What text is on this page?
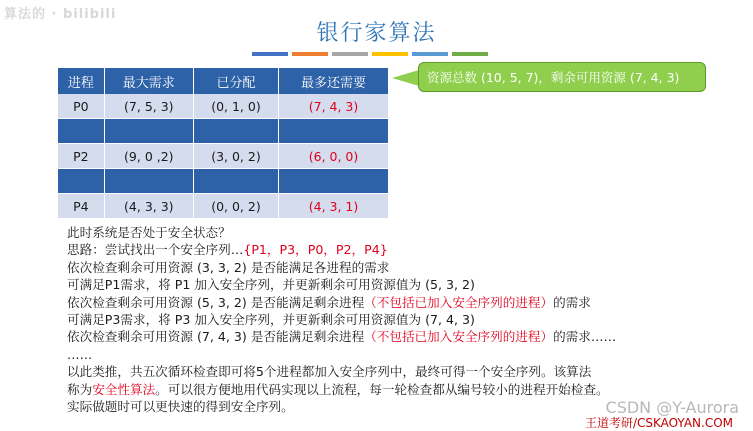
算法的 · bilibili
银行家算法
进程	最大需求	已分配	最多还需要
P0	(7, 5, 3)	(0, 1, 0)	(7, 4, 3)

P2	(9, 0 ,2)	(3, 0, 2)	(6, 0, 0)

P4	(4, 3, 3)	(0, 0, 2)	(4, 3, 1)
资源总数 (10, 5, 7)，剩余可用资源 (7, 4, 3)
此时系统是否处于安全状态？
思路：尝试找出一个安全序列…{P1，P3，P0，P2，P4}
依次检查剩余可用资源 (3, 3, 2) 是否能满足各进程的需求
可满足P1需求，将 P1 加入安全序列，并更新剩余可用资源值为 (5, 3, 2)
依次检查剩余可用资源 (5, 3, 2) 是否能满足剩余进程（不包括已加入安全序列的进程）的需求
可满足P3需求，将 P3 加入安全序列，并更新剩余可用资源值为 (7, 4, 3)
依次检查剩余可用资源 (7, 4, 3) 是否能满足剩余进程（不包括已加入安全序列的进程）的需求……
……
以此类推，共五次循环检查即可将5个进程都加入安全序列中，最终可得一个安全序列。该算法
称为安全性算法。可以很方便地用代码实现以上流程，每一轮检查都从编号较小的进程开始检查。
实际做题时可以更快速的得到安全序列。	CSDN @Y-Aurora
王道考研/CSKAOYAN.COM
